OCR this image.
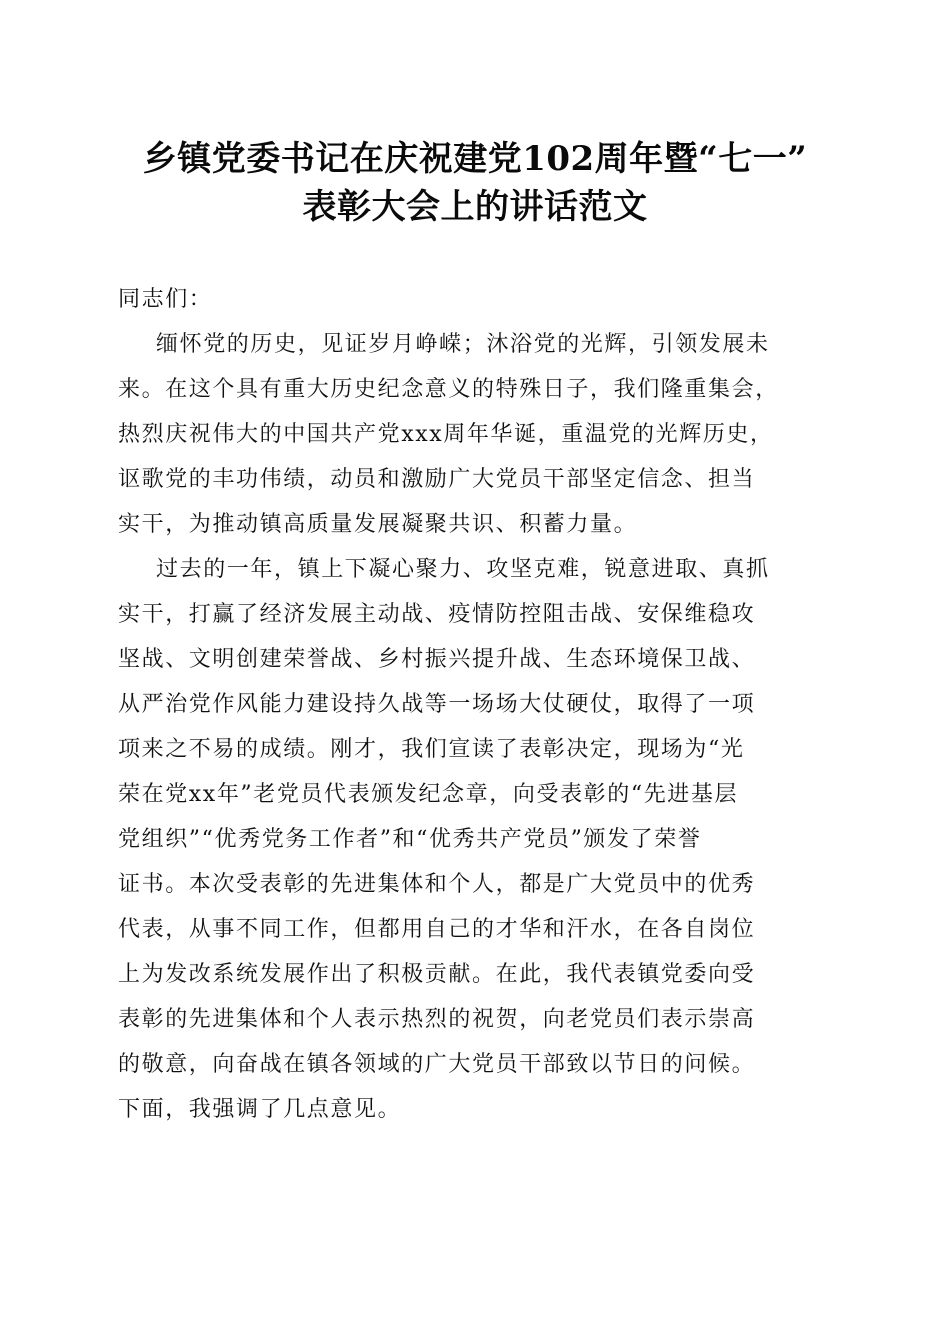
乡镇党委书记在庆祝建党102周年暨“七一”
表彰大会上的讲话范文
同志们：
缅怀党的历史，见证岁月峥嵘；沐浴党的光辉，引领发展未
来。在这个具有重大历史纪念意义的特殊日子，我们隆重集会，
热烈庆祝伟大的中国共产党xxx周年华诞，重温党的光辉历史，
讴歌党的丰功伟绩，动员和激励广大党员干部坚定信念、担当
实干，为推动镇高质量发展凝聚共识、积蓄力量。
过去的一年，镇上下凝心聚力、攻坚克难，锐意进取、真抓
实干，打赢了经济发展主动战、疫情防控阻击战、安保维稳攻
坚战、文明创建荣誉战、乡村振兴提升战、生态环境保卫战、
从严治党作风能力建设持久战等一场场大仗硬仗，取得了一项
项来之不易的成绩。刚才，我们宣读了表彰决定，现场为“光
荣在党xx年”老党员代表颁发纪念章，向受表彰的“先进基层
党组织”“优秀党务工作者”和“优秀共产党员”颁发了荣誉
证书。本次受表彰的先进集体和个人，都是广大党员中的优秀
代表，从事不同工作，但都用自己的才华和汗水，在各自岗位
上为发改系统发展作出了积极贡献。在此，我代表镇党委向受
表彰的先进集体和个人表示热烈的祝贺，向老党员们表示崇高
的敬意，向奋战在镇各领域的广大党员干部致以节日的问候。
下面，我强调了几点意见。
